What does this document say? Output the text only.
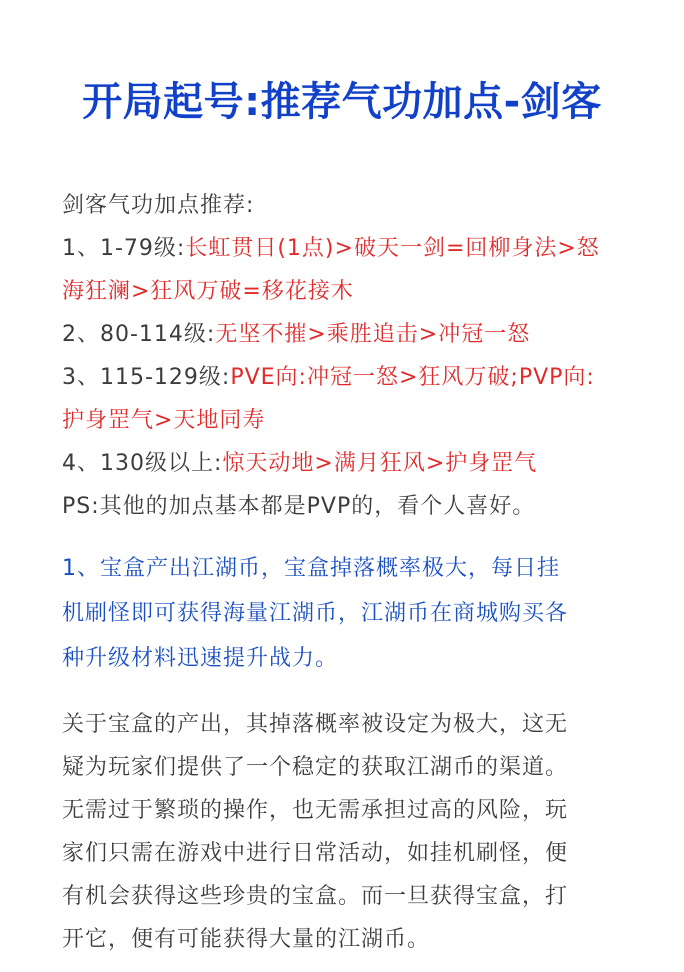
开局起号:推荐气功加点-剑客
剑客气功加点推荐:
1、1-79级:长虹贯日(1点)>破天一剑=回柳身法>怒
海狂澜>狂风万破=移花接木
2、80-114级:无坚不摧>乘胜追击>冲冠一怒
3、115-129级:PVE向:冲冠一怒>狂风万破;PVP向:
护身罡气>天地同寿
4、130级以上:惊天动地>满月狂风>护身罡气
PS:其他的加点基本都是PVP的，看个人喜好。
1、宝盒产出江湖币，宝盒掉落概率极大，每日挂
机刷怪即可获得海量江湖币，江湖币在商城购买各
种升级材料迅速提升战力。
关于宝盒的产出，其掉落概率被设定为极大，这无
疑为玩家们提供了一个稳定的获取江湖币的渠道。
无需过于繁琐的操作，也无需承担过高的风险，玩
家们只需在游戏中进行日常活动，如挂机刷怪，便
有机会获得这些珍贵的宝盒。而一旦获得宝盒，打
开它，便有可能获得大量的江湖币。
